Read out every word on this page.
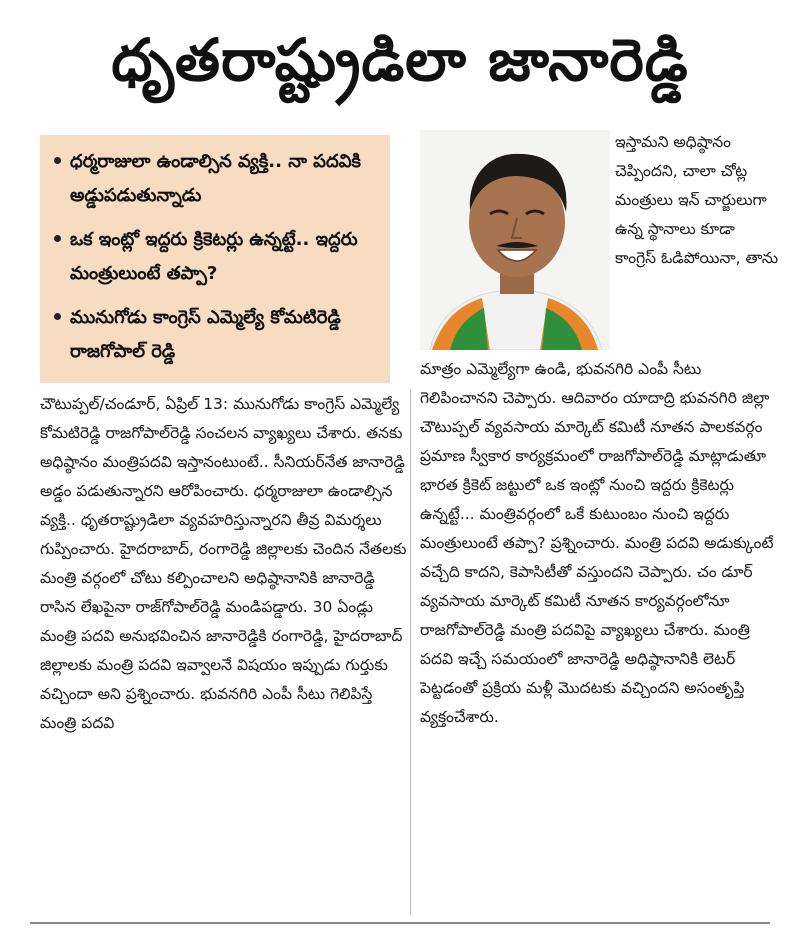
ధృతరాష్ట్రుడిలా జానారెడ్డి
ధర్మరాజులా ఉండాల్సిన వ్యక్తి.. నా పదవికి అడ్డుపడుతున్నాడు
ఒక ఇంట్లో ఇద్దరు క్రికెటర్లు ఉన్నట్టే.. ఇద్దరు మంత్రులుంటే తప్పా?
మునుగోడు కాంగ్రెస్ ఎమ్మెల్యే కోమటిరెడ్డి రాజగోపాల్ రెడ్డి

ఇస్తామని అధిష్ఠానం చెప్పిందని, చాలా చోట్ల మంత్రులు ఇన్‌ చార్జులుగా ఉన్న స్థానాలు కూడా కాంగ్రెస్ ఓడిపోయినా, తాను

చౌటుప్పల్/చండూర్, ఏప్రిల్ 13: మునుగోడు కాంగ్రెస్ ఎమ్మెల్యే కోమటిరెడ్డి రాజగోపాల్‌రెడ్డి సంచలన వ్యాఖ్యలు చేశారు. తనకు అధిష్ఠానం మంత్రిపదవి ఇస్తానంటుంటే.. సీనియర్‌నేత జానారెడ్డి అడ్డం పడుతున్నారని ఆరోపించారు. ధర్మరాజులా ఉండాల్సిన వ్యక్తి.. ధృతరాష్ట్రుడిలా వ్యవహరిస్తున్నారని తీవ్ర విమర్శలు గుప్పించారు. హైదరాబాద్, రంగారెడ్డి జిల్లాలకు చెందిన నేతలకు మంత్రి వర్గంలో చోటు కల్పించాలని అధిష్ఠానానికి జానారెడ్డి రాసిన లేఖపైనా రాజ్‌గోపాల్‌రెడ్డి మండిపడ్డారు. 30 ఏండ్లు మంత్రి పదవి అనుభవించిన జానారెడ్డికి రంగారెడ్డి, హైదరాబాద్ జిల్లాలకు మంత్రి పదవి ఇవ్వాలనే విషయం ఇప్పుడు గుర్తుకు వచ్చిందా అని ప్రశ్నించారు. భువనగిరి ఎంపీ సీటు గెలిపిస్తే మంత్రి పదవి

మాత్రం ఎమ్మెల్యేగా ఉండి, భువనగిరి ఎంపీ సీటు గెలిపించానని చెప్పారు. ఆదివారం యాదాద్రి భువనగిరి జిల్లా చౌటుప్పల్ వ్యవసాయ మార్కెట్ కమిటీ నూతన పాలకవర్గం ప్రమాణ స్వీకార కార్యక్రమంలో రాజగోపాల్‌రెడ్డి మాట్లాడుతూ భారత క్రికెట్ జట్టులో ఒక ఇంట్లో నుంచి ఇద్దరు క్రికెటర్లు ఉన్నట్టే... మంత్రివర్గంలో ఒకే కుటుంబం నుంచి ఇద్దరు మంత్రులుంటే తప్పా? ప్రశ్నించారు. మంత్రి పదవి అడుక్కుంటే వచ్చేది కాదని, కెపాసిటీతో వస్తుందని చెప్పారు. చం డూర్ వ్యవసాయ మార్కెట్ కమిటీ నూతన కార్యవర్గంలోనూ రాజగోపాల్‌రెడ్డి మంత్రి పదవిపై వ్యాఖ్యలు చేశారు. మంత్రి పదవి ఇచ్చే సమయంలో జానారెడ్డి అధిష్ఠానానికి లెటర్ పెట్టడంతో ప్రక్రియ మళ్లీ మొదటకు వచ్చిందని అసంతృప్తి వ్యక్తంచేశారు.
